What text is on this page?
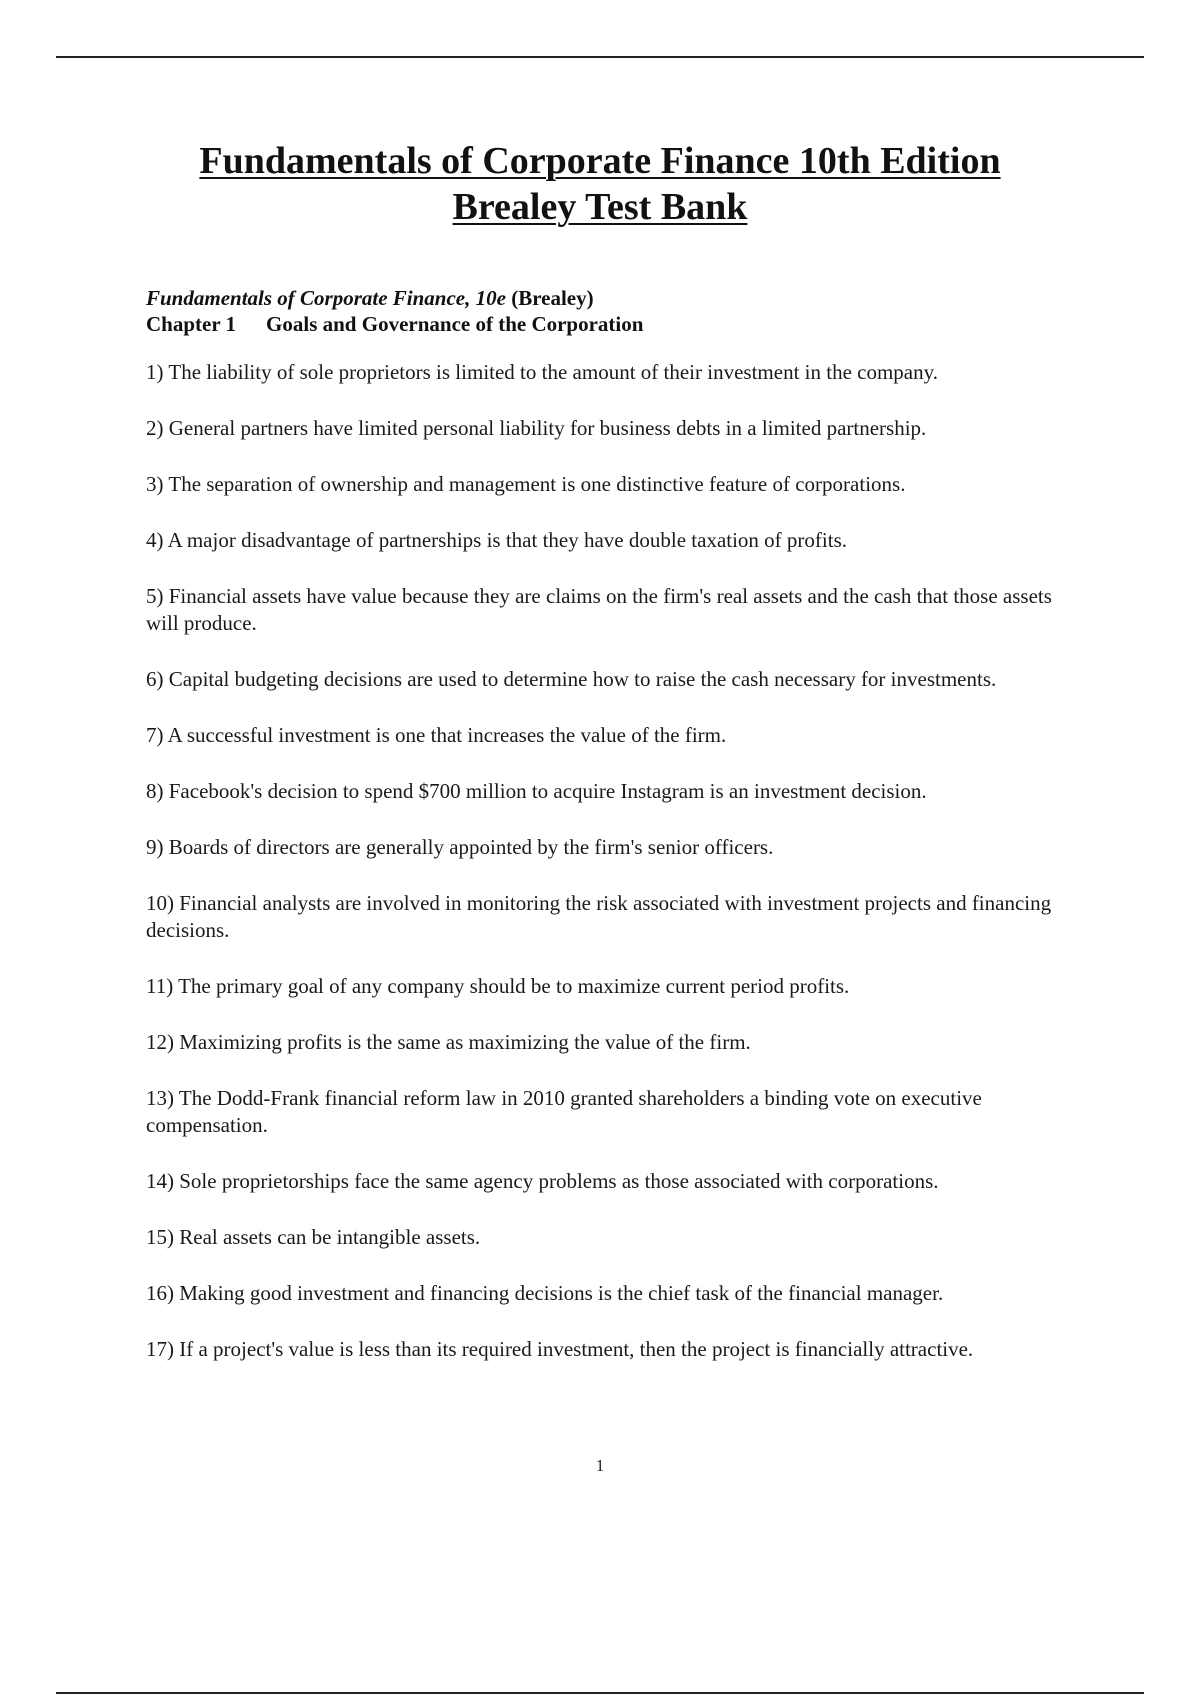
Fundamentals of Corporate Finance 10th Edition
Brealey Test Bank

Fundamentals of Corporate Finance, 10e (Brealey)

Chapter 1 Goals and Governance of the Corporation

1) The liability of sole proprietors is limited to the amount of their investment in the company.
2) General partners have limited personal liability for business debts in a limited partnership.
3) The separation of ownership and management is one distinctive feature of corporations.
4) A major disadvantage of partnerships is that they have double taxation of profits.
5) Financial assets have value because they are claims on the firm's real assets and the cash that those assets will produce.
6) Capital budgeting decisions are used to determine how to raise the cash necessary for investments.
7) A successful investment is one that increases the value of the firm.
8) Facebook's decision to spend $700 million to acquire Instagram is an investment decision.
9) Boards of directors are generally appointed by the firm's senior officers.
10) Financial analysts are involved in monitoring the risk associated with investment projects and financing decisions.
11) The primary goal of any company should be to maximize current period profits.
12) Maximizing profits is the same as maximizing the value of the firm.
13) The Dodd-Frank financial reform law in 2010 granted shareholders a binding vote on executive compensation.
14) Sole proprietorships face the same agency problems as those associated with corporations.
15) Real assets can be intangible assets.
16) Making good investment and financing decisions is the chief task of the financial manager.
17) If a project's value is less than its required investment, then the project is financially attractive.
1
